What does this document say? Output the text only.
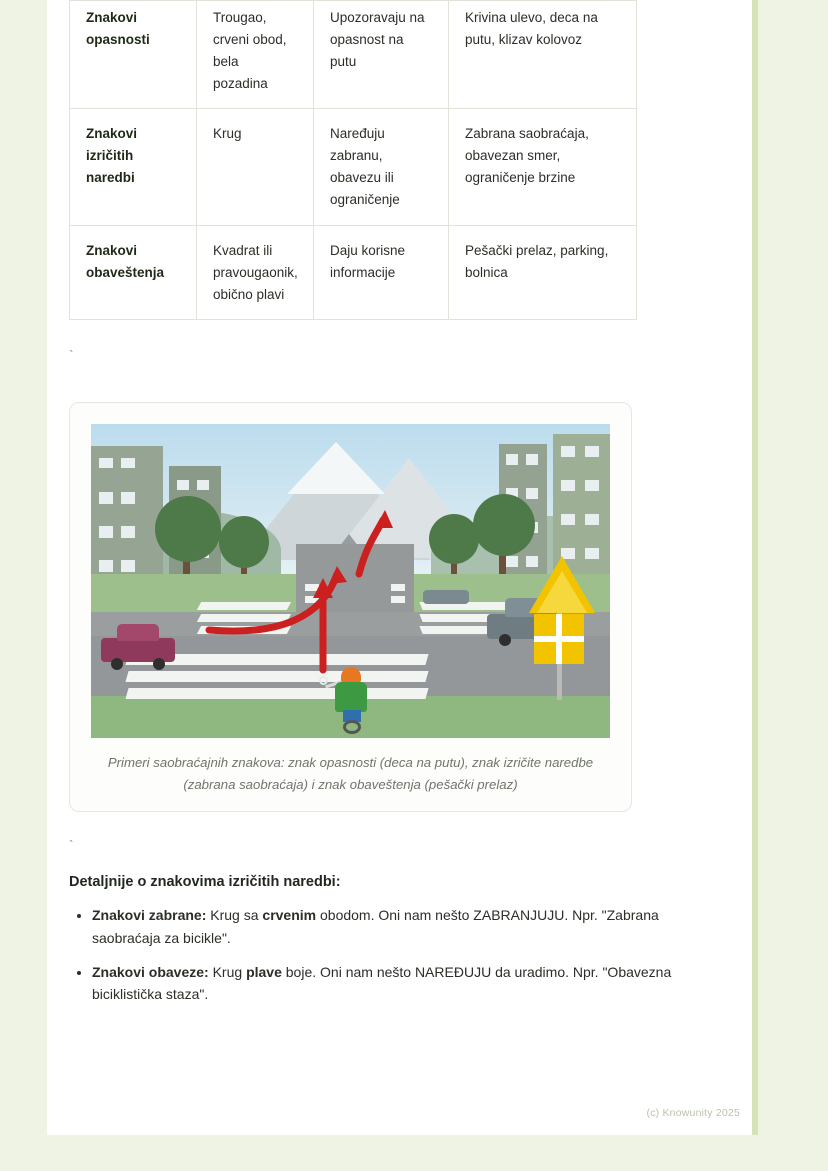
Znakovi opasnosti	Trougao, crveni obod, bela pozadina	Upozoravaju na opasnost na putu	Krivina ulevo, deca na putu, klizav kolovoz
Znakovi izričitih naredbi	Krug	Naređuju zabranu, obavezu ili ograničenje	Zabrana saobraćaja, obavezan smer, ograničenje brzine
Znakovi obaveštenja	Kvadrat ili pravougaonik, obično plavi	Daju korisne informacije	Pešački prelaz, parking, bolnica
`
Primeri saobraćajnih znakova: znak opasnosti (deca na putu), znak izričite naredbe (zabrana saobraćaja) i znak obaveštenja (pešački prelaz)
`
Detaljnije o znakovima izričitih naredbi:
• Znakovi zabrane: Krug sa crvenim obodom. Oni nam nešto ZABRANJUJU. Npr. "Zabrana saobraćaja za bicikle".
• Znakovi obaveze: Krug plave boje. Oni nam nešto NAREĐUJU da uradimo. Npr. "Obavezna biciklistička staza".
(c) Knowunity 2025
